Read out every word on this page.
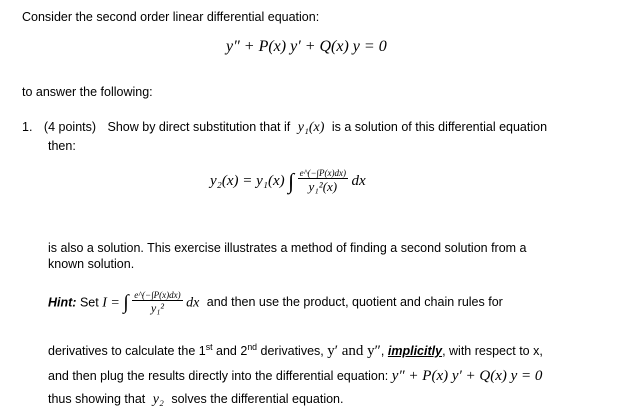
Consider the second order linear differential equation:
y″ + P(x) y′ + Q(x) y = 0
to answer the following:
1. (4 points) Show by direct substitution that if y₁(x) is a solution of this differential equation
then:
y₂(x) = y₁(x) ∫ $\frac{e\^{}(-\int P(x)dx)}{\text{y₁²(x)}}$ dx
is also a solution. This exercise illustrates a method of finding a second solution from a
known solution.
Hint: Set I = ∫ $\frac{e\^{}(-\int P(x)dx)}{\text{y₁²}}$ dx and then use the product, quotient and chain rules for
derivatives to calculate the 1st and 2nd derivatives, y′ and y″, implicitly, with respect to x,
and then plug the results directly into the differential equation: y″ + P(x) y′ + Q(x) y = 0
thus showing that y₂ solves the differential equation.
